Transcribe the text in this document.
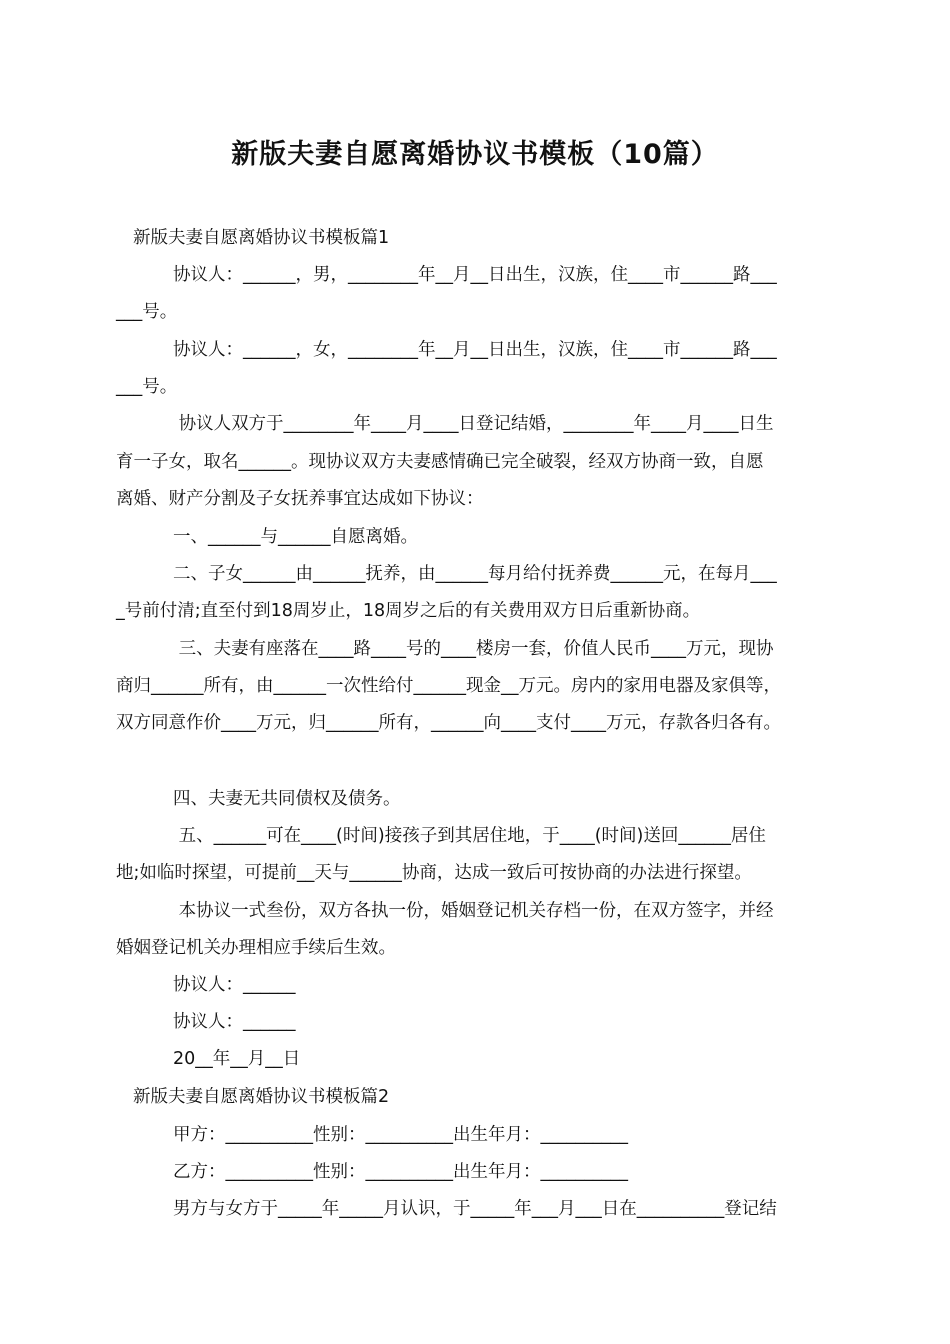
新版夫妻自愿离婚协议书模板（10篇）
新版夫妻自愿离婚协议书模板篇1
协议人：______，男，________年__月__日出生，汉族，住____市______路___
___号。
协议人：______，女，________年__月__日出生，汉族，住____市______路___
___号。
协议人双方于________年____月____日登记结婚，________年____月____日生
育一子女，取名______。现协议双方夫妻感情确已完全破裂，经双方协商一致，自愿
离婚、财产分割及子女抚养事宜达成如下协议：
一、______与______自愿离婚。
二、子女______由______抚养，由______每月给付抚养费______元，在每月___
_号前付清;直至付到18周岁止，18周岁之后的有关费用双方日后重新协商。
三、夫妻有座落在____路____号的____楼房一套，价值人民币____万元，现协
商归______所有，由______一次性给付______现金__万元。房内的家用电器及家俱等，
双方同意作价____万元，归______所有，______向____支付____万元，存款各归各有。
四、夫妻无共同债权及债务。
五、______可在____(时间)接孩子到其居住地，于____(时间)送回______居住
地;如临时探望，可提前__天与______协商，达成一致后可按协商的办法进行探望。
本协议一式叁份，双方各执一份，婚姻登记机关存档一份，在双方签字，并经
婚姻登记机关办理相应手续后生效。
协议人：______
协议人：______
20__年__月__日
新版夫妻自愿离婚协议书模板篇2
甲方：__________性别：__________出生年月：__________
乙方：__________性别：__________出生年月：__________
男方与女方于_____年_____月认识，于_____年___月___日在__________登记结
